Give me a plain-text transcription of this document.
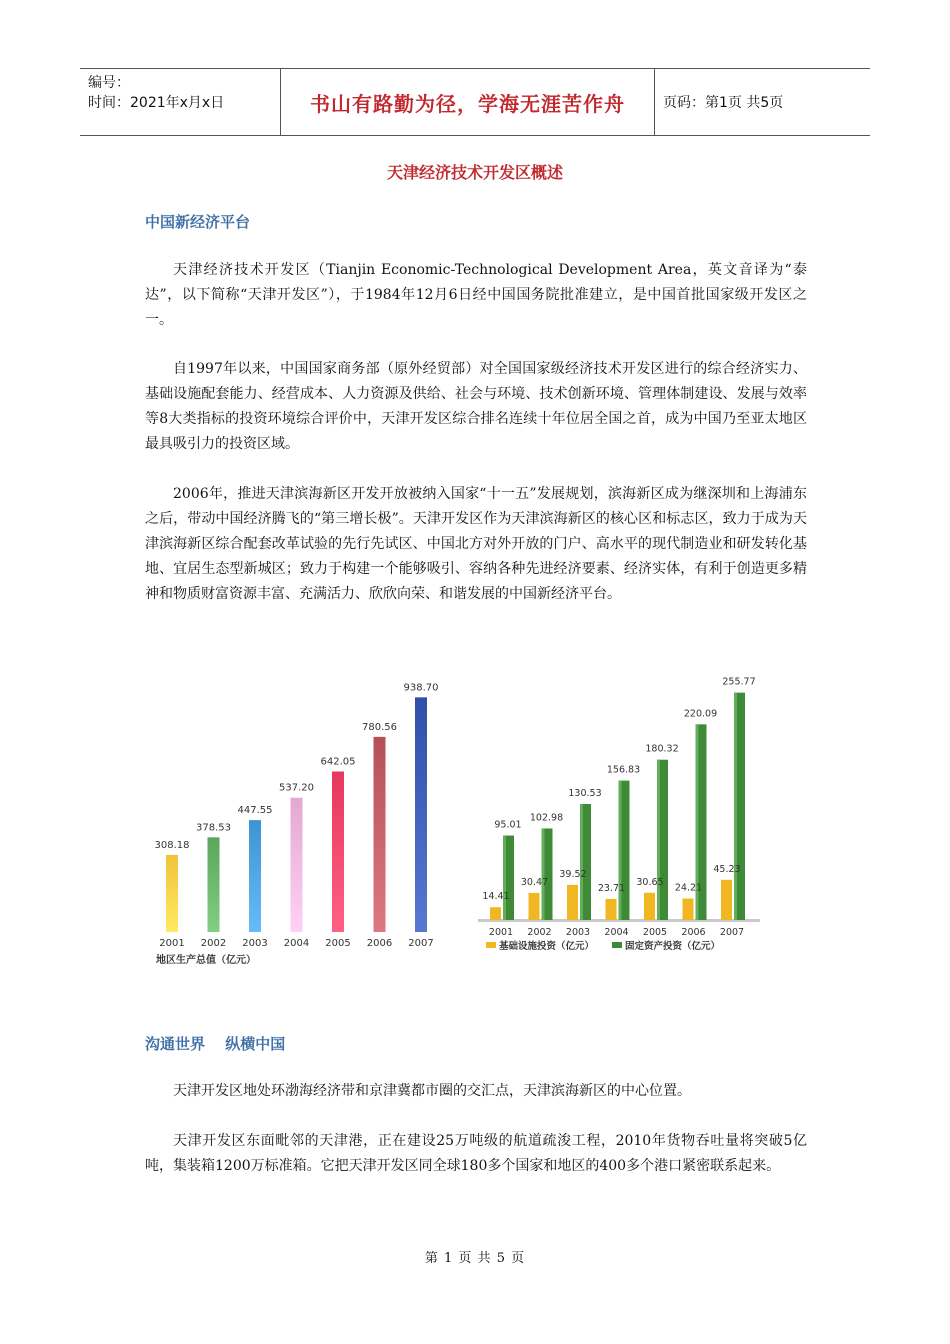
编号：
时间：2021年x月x日	书山有路勤为径，学海无涯苦作舟	页码：第1页 共5页
天津经济技术开发区概述
中国新经济平台
天津经济技术开发区（Tianjin Economic-Technological Development Area，英文音译为“泰达”，以下简称“天津开发区”），于1984年12月6日经中国国务院批准建立，是中国首批国家级开发区之一。
自1997年以来，中国国家商务部（原外经贸部）对全国国家级经济技术开发区进行的综合经济实力、基础设施配套能力、经营成本、人力资源及供给、社会与环境、技术创新环境、管理体制建设、发展与效率等8大类指标的投资环境综合评价中，天津开发区综合排名连续十年位居全国之首，成为中国乃至亚太地区最具吸引力的投资区域。
2006年，推进天津滨海新区开发开放被纳入国家“十一五”发展规划，滨海新区成为继深圳和上海浦东之后，带动中国经济腾飞的“第三增长极”。天津开发区作为天津滨海新区的核心区和标志区，致力于成为天津滨海新区综合配套改革试验的先行先试区、中国北方对外开放的门户、高水平的现代制造业和研发转化基地、宜居生态型新城区；致力于构建一个能够吸引、容纳各种先进经济要素、经济实体，有利于创造更多精神和物质财富资源丰富、充满活力、欣欣向荣、和谐发展的中国新经济平台。
308.18
2001
378.53
2002
447.55
2003
537.20
2004
642.05
2005
780.56
2006
938.70
2007
地区生产总值（亿元）
95.01
14.41
2001
102.98
30.47
2002
130.53
39.52
2003
156.83
23.71
2004
180.32
30.65
2005
220.09
24.21
2006
255.77
45.23
2007
基础设施投资（亿元）	固定资产投资（亿元）
沟通世界　 纵横中国
天津开发区地处环渤海经济带和京津冀都市圈的交汇点，天津滨海新区的中心位置。
天津开发区东面毗邻的天津港，正在建设25万吨级的航道疏浚工程，2010年货物吞吐量将突破5亿吨，集装箱1200万标准箱。它把天津开发区同全球180多个国家和地区的400多个港口紧密联系起来。
第 1 页 共 5 页
